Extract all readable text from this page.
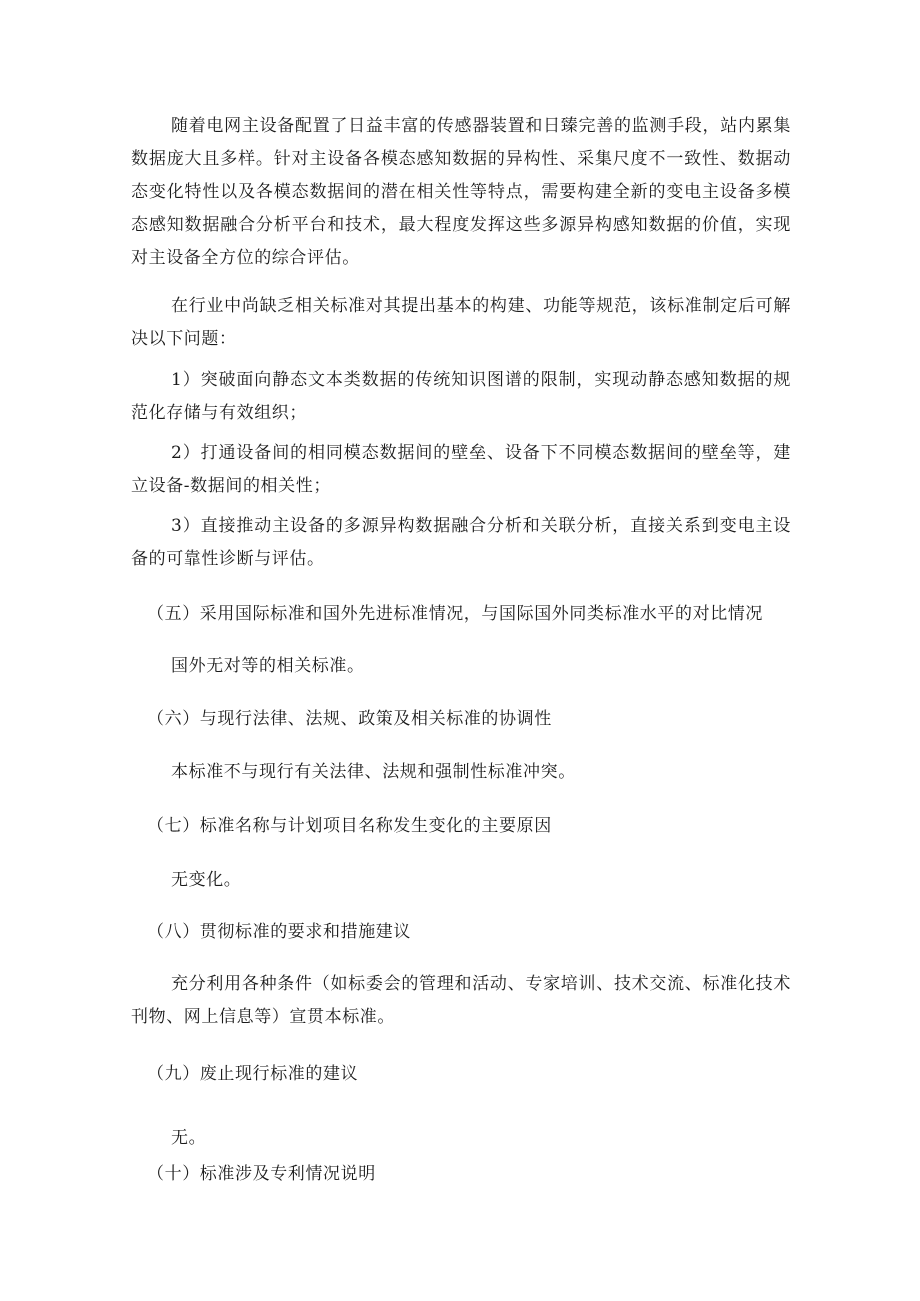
随着电网主设备配置了日益丰富的传感器装置和日臻完善的监测手段，站内累集数据庞大且多样。针对主设备各模态感知数据的异构性、采集尺度不一致性、数据动态变化特性以及各模态数据间的潜在相关性等特点，需要构建全新的变电主设备多模态感知数据融合分析平台和技术，最大程度发挥这些多源异构感知数据的价值，实现对主设备全方位的综合评估。

在行业中尚缺乏相关标准对其提出基本的构建、功能等规范，该标准制定后可解决以下问题：

1）突破面向静态文本类数据的传统知识图谱的限制，实现动静态感知数据的规范化存储与有效组织；

2）打通设备间的相同模态数据间的壁垒、设备下不同模态数据间的壁垒等，建立设备-数据间的相关性；

3）直接推动主设备的多源异构数据融合分析和关联分析，直接关系到变电主设备的可靠性诊断与评估。

（五）采用国际标准和国外先进标准情况，与国际国外同类标准水平的对比情况

国外无对等的相关标准。

（六）与现行法律、法规、政策及相关标准的协调性

本标准不与现行有关法律、法规和强制性标准冲突。

（七）标准名称与计划项目名称发生变化的主要原因

无变化。

（八）贯彻标准的要求和措施建议

充分利用各种条件（如标委会的管理和活动、专家培训、技术交流、标准化技术刊物、网上信息等）宣贯本标准。

（九）废止现行标准的建议

无。

（十）标准涉及专利情况说明
